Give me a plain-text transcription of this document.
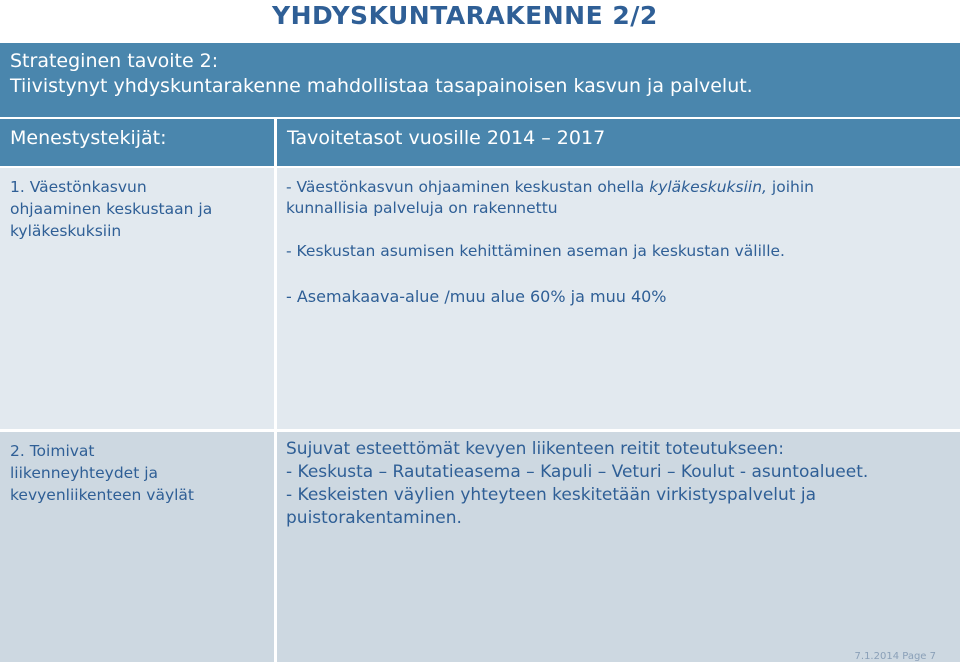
YHDYSKUNTARAKENNE 2/2
Strateginen tavoite 2:
Tiivistynyt yhdyskuntarakenne mahdollistaa tasapainoisen kasvun ja palvelut.
Menestystekijät:	Tavoitetasot vuosille 2014 – 2017
1. Väestönkasvun
ohjaaminen keskustaan ja
kyläkeskuksiin
- Väestönkasvun ohjaaminen keskustan ohella kyläkeskuksiin, joihin
kunnallisia palveluja on rakennettu
- Keskustan asumisen kehittäminen aseman ja keskustan välille.
- Asemakaava-alue /muu alue 60% ja muu 40%
2. Toimivat
liikenneyhteydet ja
kevyenliikenteen väylät
Sujuvat esteettömät kevyen liikenteen reitit toteutukseen:
- Keskusta – Rautatieasema – Kapuli – Veturi – Koulut - asuntoalueet.
- Keskeisten väylien yhteyteen keskitetään virkistyspalvelut ja
puistorakentaminen.
7.1.2014 Page 7
